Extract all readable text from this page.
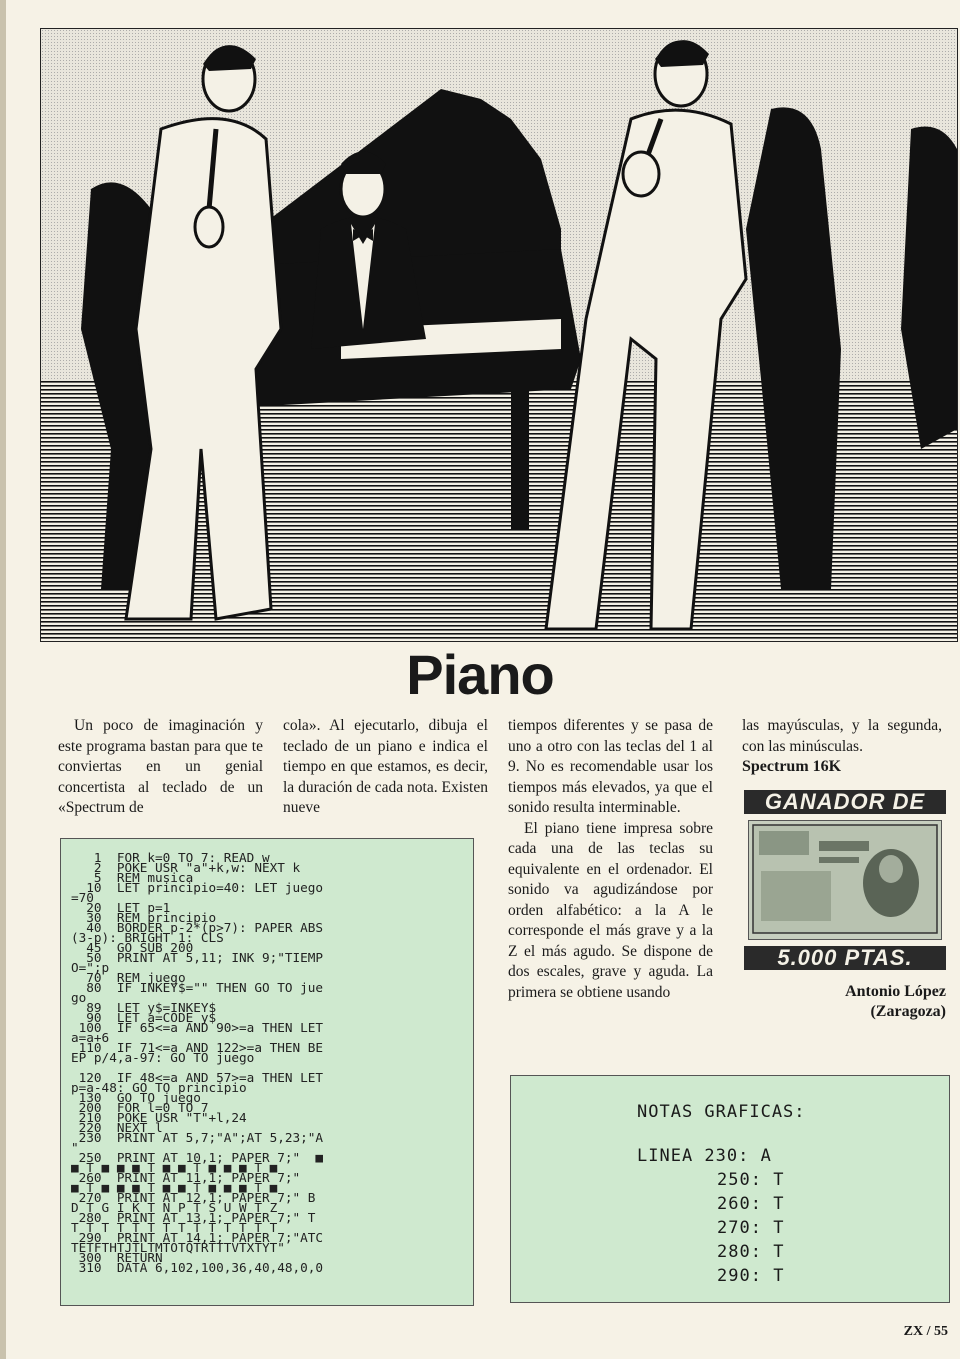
Piano

Un poco de imaginación y este programa bastan para que te conviertas en un genial concertista al teclado de un «Spectrum de

cola». Al ejecutarlo, dibuja el teclado de un piano e indica el tiempo en que estamos, es decir, la duración de cada nota. Existen nueve

tiempos diferentes y se pasa de uno a otro con las teclas del 1 al 9. No es recomendable usar los tiempos más elevados, ya que el sonido resulta interminable.

El piano tiene impresa sobre cada una de las teclas su equivalente en el ordenador. El sonido va agudizándose por orden alfabético: a la A le corresponde el más grave y a la Z el más agudo. Se dispone de dos escales, grave y aguda. La primera se obtiene usando

las mayúsculas, y la segunda, con las minúsculas.

Spectrum 16K
GANADOR DE
5.000 PTAS.
Antonio López
(Zaragoza)
1  FOR k=0 TO 7: READ w
2  POKE USR "a"+k,w: NEXT k
5  REM musica
10  LET principio=40: LET juego
=70
20  LET p=1
30  REM principio
40  BORDER p-2*(p>7): PAPER ABS
(3-p): BRIGHT 1: CLS
45  GO SUB 200
50  PRINT AT 5,11; INK 9;"TIEMP
O=";p
70  REM juego
80  IF INKEY$="" THEN GO TO jue
go
89  LET y$=INKEY$
90  LET a=CODE y$
100  IF 65<=a AND 90>=a THEN LET
a=a+6
110  IF 71<=a AND 122>=a THEN BE
EP p/4,a-97: GO TO juego

120  IF 48<=a AND 57>=a THEN LET
p=a-48: GO TO principio
130  GO TO juego
200  FOR l=0 TO 7
210  POKE USR "T"+l,24
220  NEXT l
230  PRINT AT 5,7;"A";AT 5,23;"A
"
250  PRINT AT 10,1; PAPER 7;"  ■
■ T ■ ■ ■ T ■ ■ T ■ ■ ■ T ■
260  PRINT AT 11,1; PAPER 7;"
■ T ■ ■ ■ T ■ ■ T ■ ■ ■ T ■
270  PRINT AT 12,1; PAPER 7;" B
D T G I K T N P T S U W T Z
280  PRINT AT 13,1; PAPER 7;" T
T T T T T T T T T T T T T T
290  PRINT AT 14,1; PAPER 7;"ATC
TETFTHTJTLTMTOTQTRTTTVTXTYT"
300  RETURN
310  DATA 6,102,100,36,40,48,0,0
NOTAS GRAFICAS:
LINEA 230: A
250: T
260: T
270: T
280: T
290: T
ZX / 55
